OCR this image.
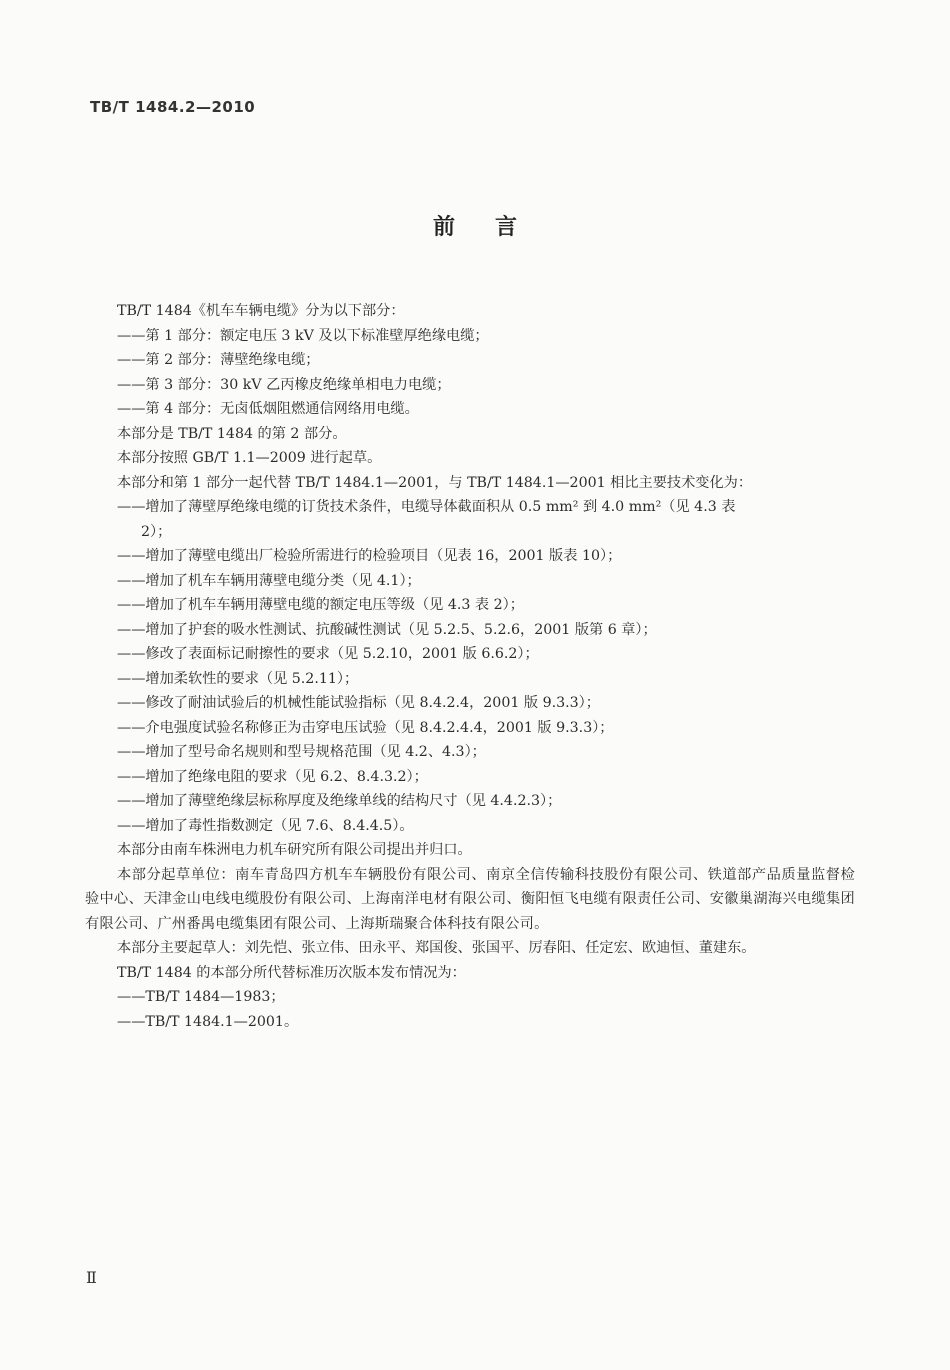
TB/T 1484.2—2010
前言

TB/T 1484《机车车辆电缆》分为以下部分：

——第 1 部分：额定电压 3 kV 及以下标准壁厚绝缘电缆；

——第 2 部分：薄壁绝缘电缆；

——第 3 部分：30 kV 乙丙橡皮绝缘单相电力电缆；

——第 4 部分：无卤低烟阻燃通信网络用电缆。

本部分是 TB/T 1484 的第 2 部分。

本部分按照 GB/T 1.1—2009 进行起草。

本部分和第 1 部分一起代替 TB/T 1484.1—2001，与 TB/T 1484.1—2001 相比主要技术变化为：

——增加了薄壁厚绝缘电缆的订货技术条件，电缆导体截面积从 0.5 mm² 到 4.0 mm²（见 4.3 表

2）；

——增加了薄壁电缆出厂检验所需进行的检验项目（见表 16，2001 版表 10）；

——增加了机车车辆用薄壁电缆分类（见 4.1）；

——增加了机车车辆用薄壁电缆的额定电压等级（见 4.3 表 2）；

——增加了护套的吸水性测试、抗酸碱性测试（见 5.2.5、5.2.6，2001 版第 6 章）；

——修改了表面标记耐擦性的要求（见 5.2.10，2001 版 6.6.2）；

——增加柔软性的要求（见 5.2.11）；

——修改了耐油试验后的机械性能试验指标（见 8.4.2.4，2001 版 9.3.3）；

——介电强度试验名称修正为击穿电压试验（见 8.4.2.4.4，2001 版 9.3.3）；

——增加了型号命名规则和型号规格范围（见 4.2、4.3）；

——增加了绝缘电阻的要求（见 6.2、8.4.3.2）；

——增加了薄壁绝缘层标称厚度及绝缘单线的结构尺寸（见 4.4.2.3）；

——增加了毒性指数测定（见 7.6、8.4.4.5）。

本部分由南车株洲电力机车研究所有限公司提出并归口。

本部分起草单位：南车青岛四方机车车辆股份有限公司、南京全信传输科技股份有限公司、铁道部产品质量监督检验中心、天津金山电线电缆股份有限公司、上海南洋电材有限公司、衡阳恒飞电缆有限责任公司、安徽巢湖海兴电缆集团有限公司、广州番禺电缆集团有限公司、上海斯瑞聚合体科技有限公司。

本部分主要起草人：刘先恺、张立伟、田永平、郑国俊、张国平、厉春阳、任定宏、欧迪恒、董建东。

TB/T 1484 的本部分所代替标准历次版本发布情况为：

——TB/T 1484—1983；

——TB/T 1484.1—2001。

Ⅱ
